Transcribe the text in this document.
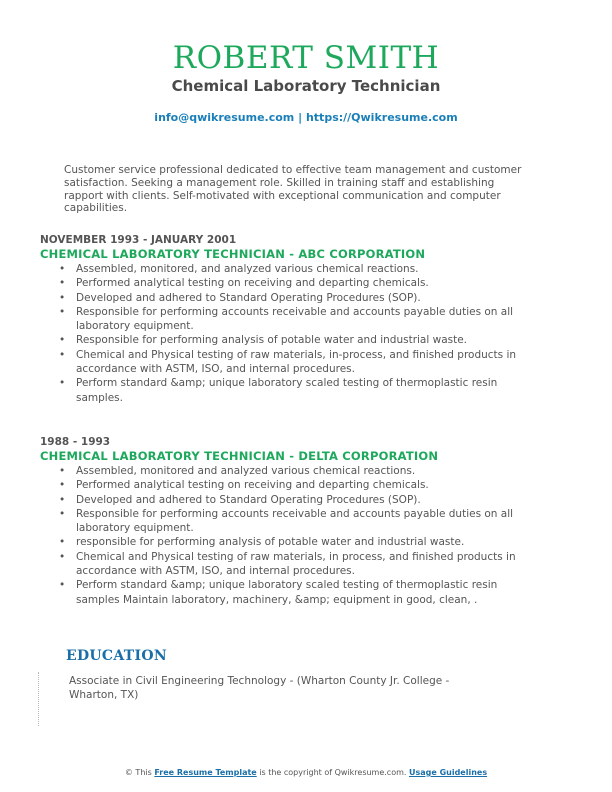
ROBERT SMITH
Chemical Laboratory Technician
info@qwikresume.com | https://Qwikresume.com
Customer service professional dedicated to effective team management and customer satisfaction. Seeking a management role. Skilled in training staff and establishing rapport with clients. Self-motivated with exceptional communication and computer capabilities.
NOVEMBER 1993 - JANUARY 2001
CHEMICAL LABORATORY TECHNICIAN - ABC CORPORATION
• Assembled, monitored, and analyzed various chemical reactions.
• Performed analytical testing on receiving and departing chemicals.
• Developed and adhered to Standard Operating Procedures (SOP).
• Responsible for performing accounts receivable and accounts payable duties on all laboratory equipment.
• Responsible for performing analysis of potable water and industrial waste.
• Chemical and Physical testing of raw materials, in-process, and finished products in accordance with ASTM, ISO, and internal procedures.
• Perform standard &amp; unique laboratory scaled testing of thermoplastic resin samples.
1988 - 1993
CHEMICAL LABORATORY TECHNICIAN - DELTA CORPORATION
• Assembled, monitored and analyzed various chemical reactions.
• Performed analytical testing on receiving and departing chemicals.
• Developed and adhered to Standard Operating Procedures (SOP).
• Responsible for performing accounts receivable and accounts payable duties on all laboratory equipment.
• responsible for performing analysis of potable water and industrial waste.
• Chemical and Physical testing of raw materials, in process, and finished products in accordance with ASTM, ISO, and internal procedures.
• Perform standard &amp; unique laboratory scaled testing of thermoplastic resin samples Maintain laboratory, machinery, &amp; equipment in good, clean, .
EDUCATION
Associate in Civil Engineering Technology - (Wharton County Jr. College - Wharton, TX)
© This Free Resume Template is the copyright of Qwikresume.com. Usage Guidelines
